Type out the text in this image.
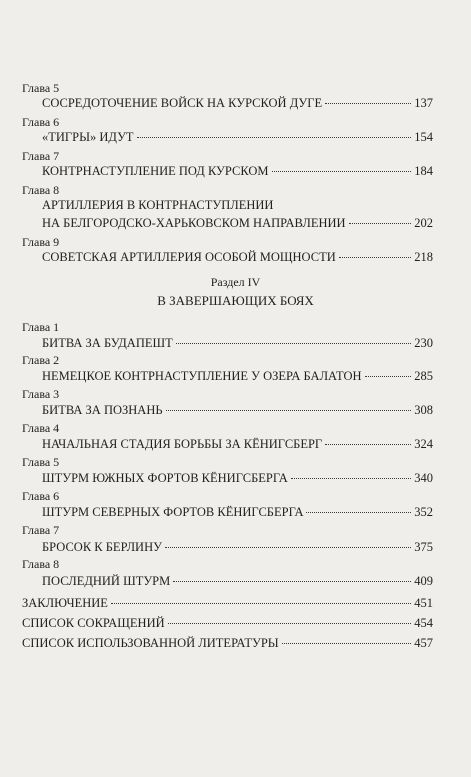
Глава 5
СОСРЕДОТОЧЕНИЕ ВОЙСК НА КУРСКОЙ ДУГЕ	137
Глава 6
«ТИГРЫ» ИДУТ	154
Глава 7
КОНТРНАСТУПЛЕНИЕ ПОД КУРСКОМ	184
Глава 8
АРТИЛЛЕРИЯ В КОНТРНАСТУПЛЕНИИ
НА БЕЛГОРОДСКО-ХАРЬКОВСКОМ НАПРАВЛЕНИИ	202
Глава 9
СОВЕТСКАЯ АРТИЛЛЕРИЯ ОСОБОЙ МОЩНОСТИ	218
Раздел IV
В ЗАВЕРШАЮЩИХ БОЯХ
Глава 1
БИТВА ЗА БУДАПЕШТ	230
Глава 2
НЕМЕЦКОЕ КОНТРНАСТУПЛЕНИЕ У ОЗЕРА БАЛАТОН	285
Глава 3
БИТВА ЗА ПОЗНАНЬ	308
Глава 4
НАЧАЛЬНАЯ СТАДИЯ БОРЬБЫ ЗА КЁНИГСБЕРГ	324
Глава 5
ШТУРМ ЮЖНЫХ ФОРТОВ КЁНИГСБЕРГА	340
Глава 6
ШТУРМ СЕВЕРНЫХ ФОРТОВ КЁНИГСБЕРГА	352
Глава 7
БРОСОК К БЕРЛИНУ	375
Глава 8
ПОСЛЕДНИЙ ШТУРМ	409
ЗАКЛЮЧЕНИЕ	451
СПИСОК СОКРАЩЕНИЙ	454
СПИСОК ИСПОЛЬЗОВАННОЙ ЛИТЕРАТУРЫ	457
